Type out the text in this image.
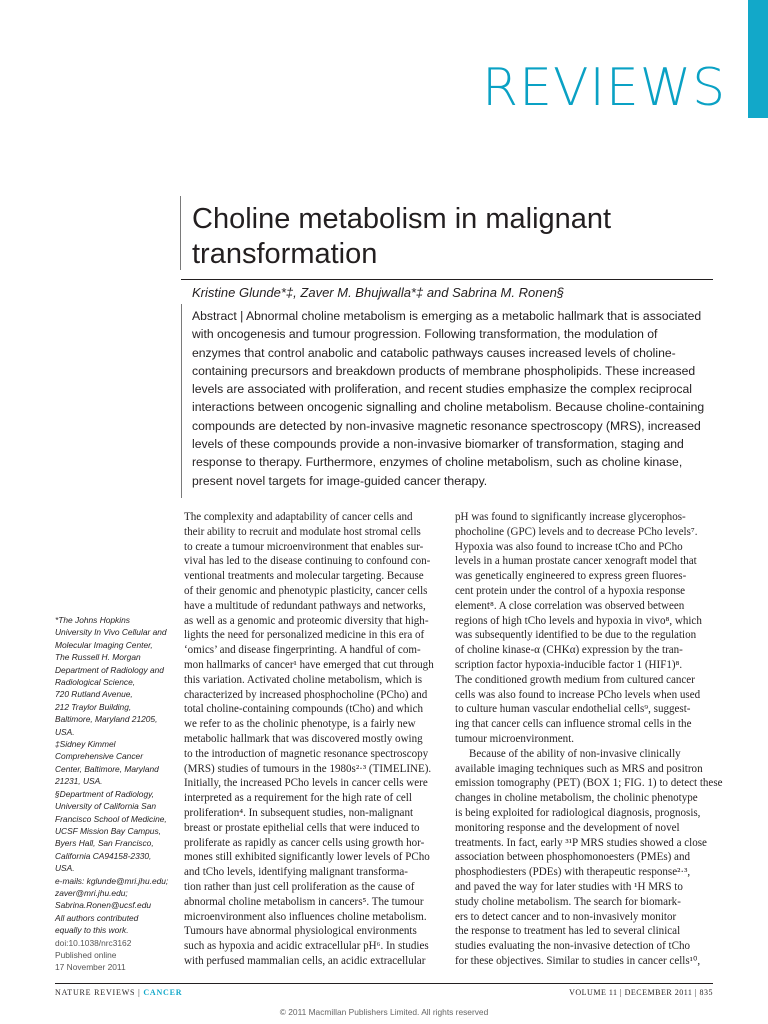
REVIEWS
Choline metabolism in malignant transformation
Kristine Glunde*‡, Zaver M. Bhujwalla*‡ and Sabrina M. Ronen§
Abstract | Abnormal choline metabolism is emerging as a metabolic hallmark that is associated with oncogenesis and tumour progression. Following transformation, the modulation of enzymes that control anabolic and catabolic pathways causes increased levels of choline-containing precursors and breakdown products of membrane phospholipids. These increased levels are associated with proliferation, and recent studies emphasize the complex reciprocal interactions between oncogenic signalling and choline metabolism. Because choline-containing compounds are detected by non-invasive magnetic resonance spectroscopy (MRS), increased levels of these compounds provide a non-invasive biomarker of transformation, staging and response to therapy. Furthermore, enzymes of choline metabolism, such as choline kinase, present novel targets for image-guided cancer therapy.

The complexity and adaptability of cancer cells and
their ability to recruit and modulate host stromal cells
to create a tumour microenvironment that enables sur-
vival has led to the disease continuing to confound con-
ventional treatments and molecular targeting. Because
of their genomic and phenotypic plasticity, cancer cells
have a multitude of redundant pathways and networks,
as well as a genomic and proteomic diversity that high-
lights the need for personalized medicine in this era of
‘omics’ and disease fingerprinting. A handful of com-
mon hallmarks of cancer¹ have emerged that cut through
this variation. Activated choline metabolism, which is
characterized by increased phosphocholine (PCho) and
total choline-containing compounds (tCho) and which
we refer to as the cholinic phenotype, is a fairly new
metabolic hallmark that was discovered mostly owing
to the introduction of magnetic resonance spectroscopy
(MRS) studies of tumours in the 1980s²·³ (TIMELINE).
Initially, the increased PCho levels in cancer cells were
interpreted as a requirement for the high rate of cell
proliferation⁴. In subsequent studies, non-malignant
breast or prostate epithelial cells that were induced to
proliferate as rapidly as cancer cells using growth hor-
mones still exhibited significantly lower levels of PCho
and tCho levels, identifying malignant transforma-
tion rather than just cell proliferation as the cause of
abnormal choline metabolism in cancers⁵. The tumour
microenvironment also influences choline metabolism.
Tumours have abnormal physiological environments
such as hypoxia and acidic extracellular pH⁶. In studies
with perfused mammalian cells, an acidic extracellular

pH was found to significantly increase glycerophos-
phocholine (GPC) levels and to decrease PCho levels⁷.
Hypoxia was also found to increase tCho and PCho
levels in a human prostate cancer xenograft model that
was genetically engineered to express green fluores-
cent protein under the control of a hypoxia response
element⁸. A close correlation was observed between
regions of high tCho levels and hypoxia in vivo⁸, which
was subsequently identified to be due to the regulation
of choline kinase-α (CHKα) expression by the tran-
scription factor hypoxia-inducible factor 1 (HIF1)⁸.
The conditioned growth medium from cultured cancer
cells was also found to increase PCho levels when used
to culture human vascular endothelial cells⁹, suggest-
ing that cancer cells can influence stromal cells in the
tumour microenvironment.

Because of the ability of non-invasive clinically
available imaging techniques such as MRS and positron
emission tomography (PET) (BOX 1; FIG. 1) to detect these
changes in choline metabolism, the cholinic phenotype
is being exploited for radiological diagnosis, prognosis,
monitoring response and the development of novel
treatments. In fact, early ³¹P MRS studies showed a close
association between phosphomonoesters (PMEs) and
phosphodiesters (PDEs) with therapeutic response²·³,
and paved the way for later studies with ¹H MRS to
study choline metabolism. The search for biomark-
ers to detect cancer and to non-invasively monitor
the response to treatment has led to several clinical
studies evaluating the non-invasive detection of tCho
for these objectives. Similar to studies in cancer cells¹⁰,

*The Johns Hopkins
University In Vivo Cellular and
Molecular Imaging Center,
The Russell H. Morgan
Department of Radiology and
Radiological Science,
720 Rutland Avenue,
212 Traylor Building,
Baltimore, Maryland 21205,
USA.
‡Sidney Kimmel
Comprehensive Cancer
Center, Baltimore, Maryland
21231, USA.
§Department of Radiology,
University of California San
Francisco School of Medicine,
UCSF Mission Bay Campus,
Byers Hall, San Francisco,
California CA94158-2330,
USA.
e-mails: kglunde@mri.jhu.edu;
zaver@mri.jhu.edu;
Sabrina.Ronen@ucsf.edu
All authors contributed
equally to this work.
doi:10.1038/nrc3162
Published online
17 November 2011
NATURE REVIEWS | CANCER	VOLUME 11 | DECEMBER 2011 | 835
© 2011 Macmillan Publishers Limited. All rights reserved
